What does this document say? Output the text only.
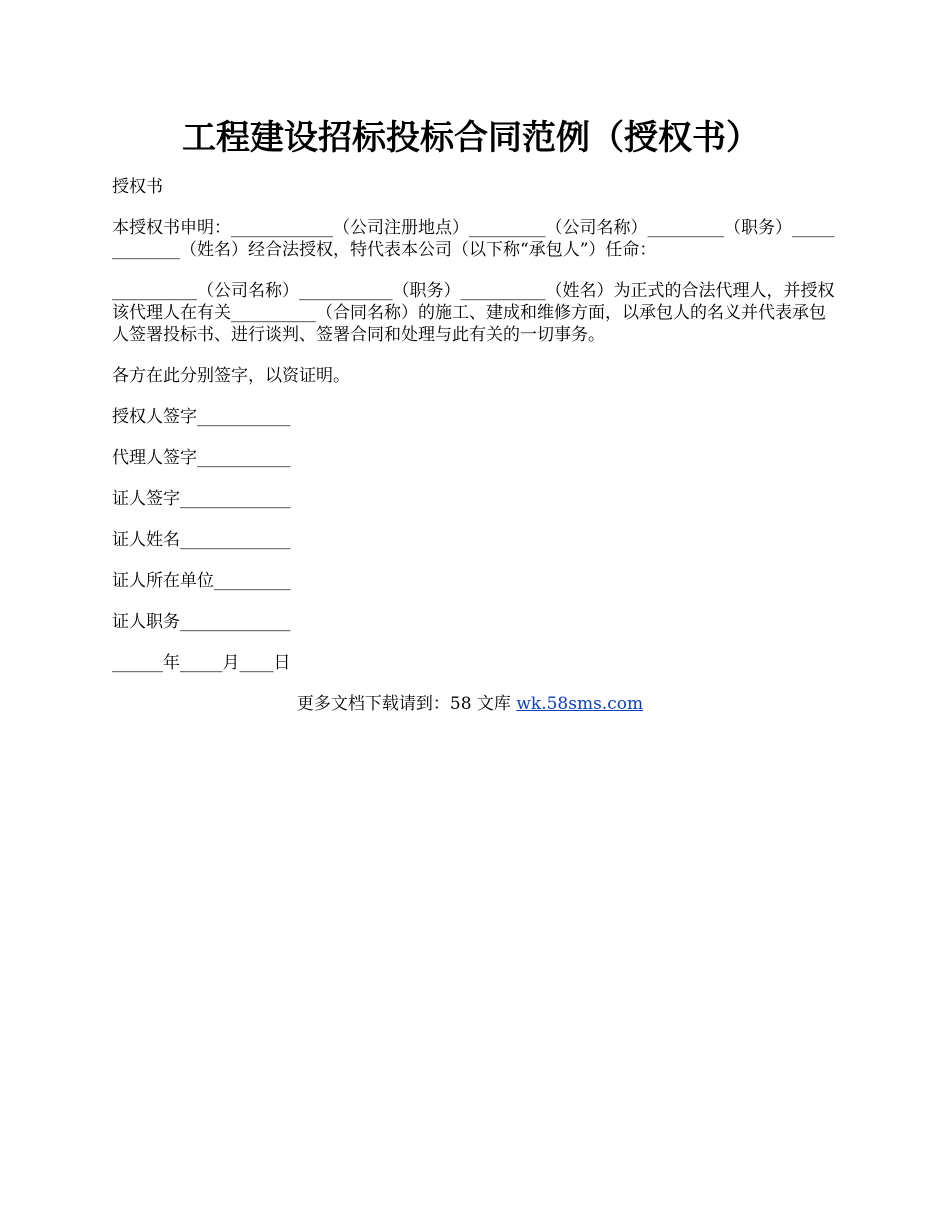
工程建设招标投标合同范例（授权书）

授权书

本授权书申明：____________（公司注册地点）_________（公司名称）_________（职务）_____________（姓名）经合法授权，特代表本公司（以下称“承包人”）任命：

__________（公司名称）___________（职务）__________（姓名）为正式的合法代理人，并授权该代理人在有关__________（合同名称）的施工、建成和维修方面，以承包人的名义并代表承包人签署投标书、进行谈判、签署合同和处理与此有关的一切事务。

各方在此分别签字，以资证明。

授权人签字___________

代理人签字___________

证人签字_____________

证人姓名_____________

证人所在单位_________

证人职务_____________

______年_____月____日

更多文档下载请到：58 文库 wk.58sms.com
